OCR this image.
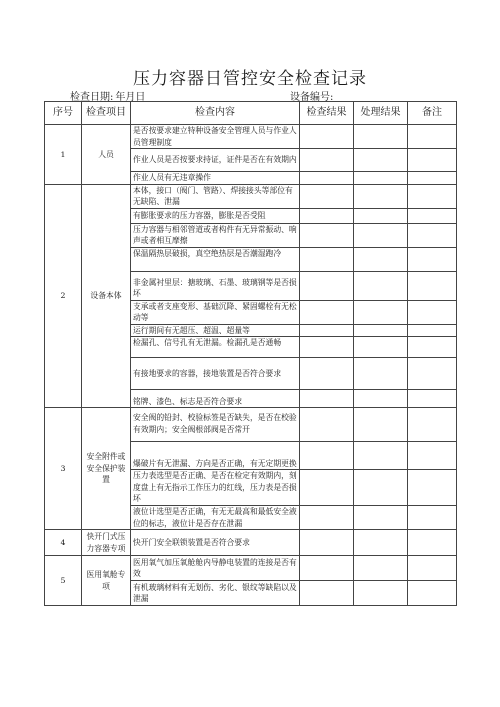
压力容器日管控安全检查记录
检查日期: 年月日	设备编号:
序号	检查项目	检查内容	检查结果	处理结果	备注
1	人员	是否按要求建立特种设备安全管理人员与作业人员管理制度			
		作业人员是否按要求持证，证件是否在有效期内			
		作业人员有无违章操作			
2	设备本体	本体，接口（阀门、管路）、焊接接头等部位有无缺陷、泄漏			
		有膨胀要求的压力容器，膨胀是否受阻			
		压力容器与相邻管道或者构件有无异常振动、响声或者相互摩擦			
		保温隔热层破损，真空绝热层是否潮湿跑冷			
		非金属衬里层：搪玻璃、石墨、玻璃钢等是否损坏			
		支承或者支座变形、基础沉降、紧固螺栓有无松动等			
		运行期间有无超压、超温、超量等			
		检漏孔、信号孔有无泄漏。检漏孔是否通畅			
		有接地要求的容器，接地装置是否符合要求			
		铭牌、漆色、标志是否符合要求			
3	安全附件或安全保护装置	安全阀的铅封、校验标签是否缺失，是否在校验有效期内；安全阀根部阀是否常开			
		爆破片有无泄漏、方向是否正确，有无定期更换			
		压力表选型是否正确、是否在检定有效期内，刻度盘上有无指示工作压力的红线，压力表是否损坏			
		液位计选型是否正确，有无无最高和最低安全液位的标志，液位计是否存在泄漏			
4	快开门式压力容器专项	快开门安全联锁装置是否符合要求			
5	医用氧舱专项	医用氧气加压氧舱舱内导静电装置的连接是否有效			
		有机玻璃材料有无划伤、劣化、银纹等缺陷以及泄漏			
